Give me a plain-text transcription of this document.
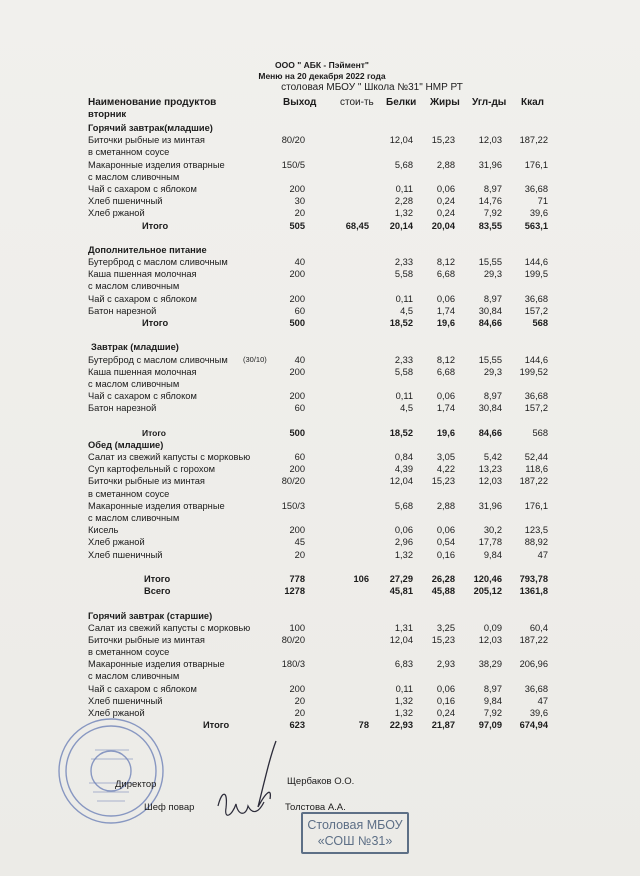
ООО " АБК - Пэймент"
Меню на 20 декабря 2022 года
столовая МБОУ " Школа №31" НМР РТ
Наименование продуктов	Выход стои-ть Белки Жиры Угл-ды Ккал
вторник
Горячий завтрак(младшие)
Биточки рыбные из минтая	80/20	12,04 15,23	12,03 187,22
в сметанном соусе
Макаронные изделия отварные	150/5	5,68	2,88	31,96 176,1
с маслом сливочным
Чай с сахаром с яблоком	200	0,11	0,06	8,97 36,68
Хлеб пшеничный	30	2,28	0,24	14,76	71
Хлеб ржаной	20	1,32	0,24	7,92	39,6
Итого	505	68,45 20,14 20,04	83,55 563,1
Дополнительное питание
Бутерброд с маслом сливочным	40	2,33	8,12	15,55 144,6
Каша пшенная молочная	200	5,58	6,68	29,3 199,5
с маслом сливочным
Чай с сахаром с яблоком	200	0,11	0,06	8,97 36,68
Батон нарезной	60	4,5	1,74	30,84 157,2
Итого	500	18,52	19,6	84,66	568
Завтрак (младшие)
Бутерброд с маслом сливочным (30/10)	40	2,33	8,12	15,55 144,6
Каша пшенная молочная	200	5,58	6,68	29,3 199,52
с маслом сливочным
Чай с сахаром с яблоком	200	0,11	0,06	8,97 36,68
Батон нарезной	60	4,5	1,74	30,84 157,2
Итого	500	18,52	19,6	84,66	568
Обед (младшие)
Салат из свежий капусты с морковью	60	0,84	3,05	5,42 52,44
Суп картофельный с горохом	200	4,39	4,22	13,23	118,6
Биточки рыбные из минтая	80/20	12,04 15,23	12,03 187,22
в сметанном соусе
Макаронные изделия отварные	150/3	5,68	2,88	31,96 176,1
с маслом сливочным
Кисель	200	0,06	0,06	30,2 123,5
Хлеб ржаной	45	2,96	0,54	17,78 88,92
Хлеб пшеничный	20	1,32	0,16	9,84	47
Итого	778	106 27,29 26,28 120,46 793,78
Всего	1278	45,81 45,88 205,12 1361,8
Горячий завтрак (старшие)
Салат из свежий капусты с морковью	100	1,31	3,25	0,09	60,4
Биточки рыбные из минтая	80/20	12,04 15,23	12,03 187,22
в сметанном соусе
Макаронные изделия отварные	180/3	6,83	2,93	38,29 206,96
с маслом сливочным
Чай с сахаром с яблоком	200	0,11	0,06	8,97 36,68
Хлеб пшеничный	20	1,32	0,16	9,84	47
Хлеб ржаной	20	1,32	0,24	7,92	39,6
Итого	623	78 22,93 21,87	97,09 674,94
Директор	Щербаков О.О.
Шеф повар	Толстова А.А.
Столовая МБОУ
«СОШ №31»
